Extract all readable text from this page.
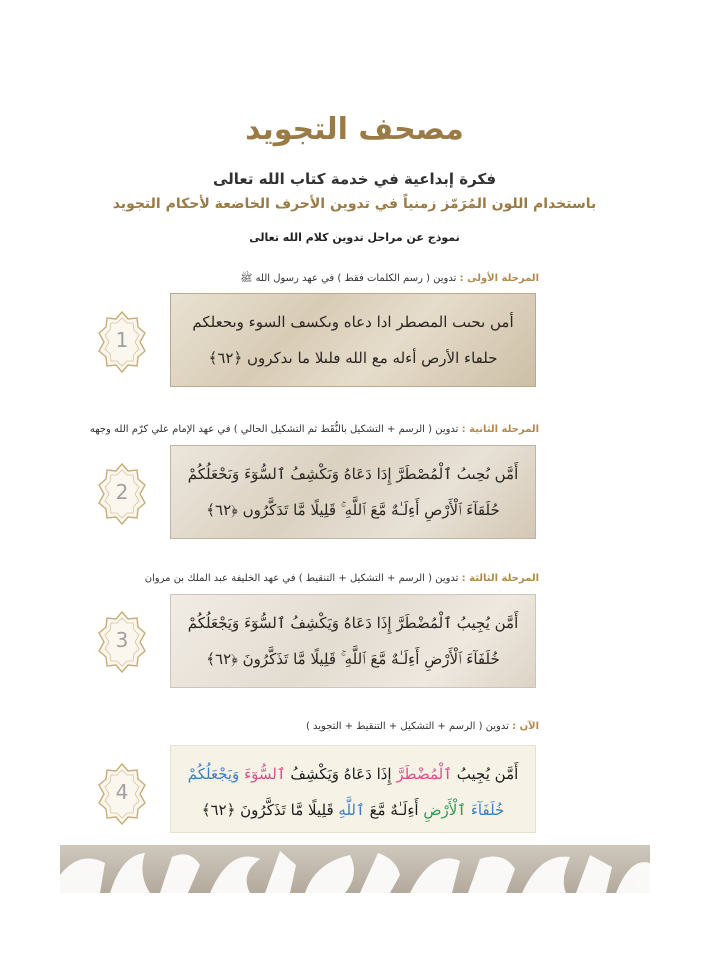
مصحف التجويد
فكرة إبداعية في خدمة كتاب الله تعالى
باستخدام اللون المُرَمّز زمنياً في تدوين الأحرف الخاضعة لأحكام التجويد
نموذج عن مراحل تدوين كلام الله تعالى
المرحلة الأولى : تدوين ( رسم الكلمات فقط ) في عهد رسول الله ﷺ
1
أمں ىحىٮ المصطر ادا دعاه وىكسڡ السوء وىحعلكم
حلڡاء الأرص أءله مع الله ڡلىلا ما ىدكروں ﴿٦٢﴾
المرحلة الثانية : تدوين ( الرسم + التشكيل بالنُّقَط ثم التشكيل الحالي ) في عهد الإمام علي كرّم الله وجهه
2
أَمَّں ىُحِىٮُ ٱلْمُصْطَرَّ إِدَا دَعَاهُ وَىَكْشِڡُ ٱلسُّوٓءَ وَىَحْعَلُكُمْ
حُلَڡَآءَ ٱلْأَرْصِ أَءِلَـٰهٌ مَّعَ ٱللَّهِ ۚ قَلِيلًا مَّا تَدَكَّرُوں ﴿٦٢﴾
المرحلة الثالثة : تدوين ( الرسم + التشكيل + التنقيط ) في عهد الخليفة عبد الملك بن مروان
3
أَمَّن يُجِيبُ ٱلْمُضْطَرَّ إِذَا دَعَاهُ وَيَكْشِفُ ٱلسُّوٓءَ وَيَجْعَلُكُمْ
خُلَفَآءَ ٱلْأَرْضِ أَءِلَـٰهٌ مَّعَ ٱللَّهِ ۚ قَلِيلًا مَّا تَذَكَّرُونَ ﴿٦٢﴾
الآن : تدوين ( الرسم + التشكيل + التنقيط + التجويد )
4
أَمَّن يُجِيبُ ٱلْمُضْطَرَّ إِذَا دَعَاهُ وَيَكْشِفُ ٱلسُّوٓءَ وَيَجْعَلُكُمْ
خُلَفَآءَ ٱلْأَرْضِ أَءِلَـٰهٌ مَّعَ ٱللَّهِ قَلِيلًا مَّا تَذَكَّرُونَ ﴿٦٢﴾
